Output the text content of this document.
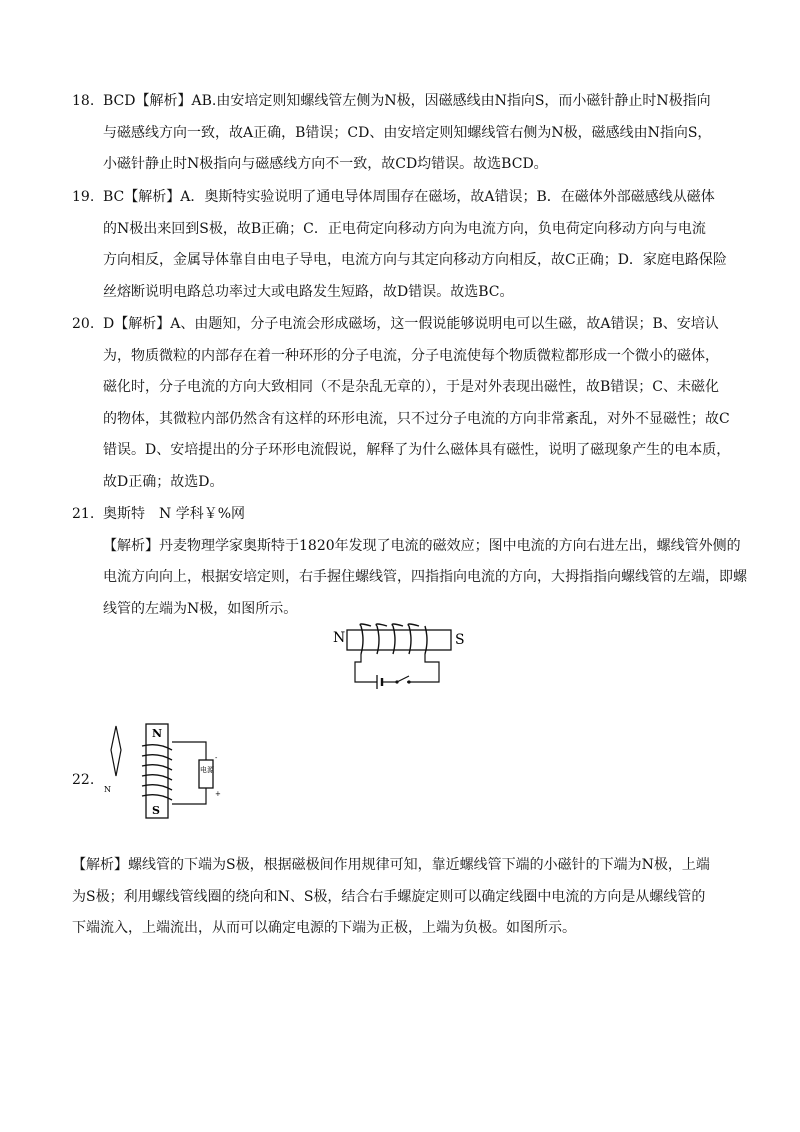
18. BCD【解析】AB.由安培定则知螺线管左侧为N极，因磁感线由N指向S，而小磁针静止时N极指向
与磁感线方向一致，故A正确，B错误；CD、由安培定则知螺线管右侧为N极，磁感线由N指向S，
小磁针静止时N极指向与磁感线方向不一致，故CD均错误。故选BCD。
19. BC【解析】A．奥斯特实验说明了通电导体周围存在磁场，故A错误；B．在磁体外部磁感线从磁体
的N极出来回到S极，故B正确；C．正电荷定向移动方向为电流方向，负电荷定向移动方向与电流
方向相反，金属导体靠自由电子导电，电流方向与其定向移动方向相反，故C正确；D．家庭电路保险
丝熔断说明电路总功率过大或电路发生短路，故D错误。故选BC。
20. D【解析】A、由题知，分子电流会形成磁场，这一假说能够说明电可以生磁，故A错误；B、安培认
为，物质微粒的内部存在着一种环形的分子电流，分子电流使每个物质微粒都形成一个微小的磁体，
磁化时，分子电流的方向大致相同（不是杂乱无章的），于是对外表现出磁性，故B错误；C、未磁化
的物体，其微粒内部仍然含有这样的环形电流，只不过分子电流的方向非常紊乱，对外不显磁性；故C
错误。D、安培提出的分子环形电流假说，解释了为什么磁体具有磁性，说明了磁现象产生的电本质，
故D正确；故选D。
21. 奥斯特　N 学科￥%网
【解析】丹麦物理学家奥斯特于1820年发现了电流的磁效应；图中电流的方向右进左出，螺线管外侧的
电流方向向上，根据安培定则，右手握住螺线管，四指指向电流的方向，大拇指指向螺线管的左端，即螺
线管的左端为N极，如图所示。
N	S
22.
N
N
S
电源
+
-
【解析】螺线管的下端为S极，根据磁极间作用规律可知，靠近螺线管下端的小磁针的下端为N极，上端
为S极；利用螺线管线圈的绕向和N、S极，结合右手螺旋定则可以确定线圈中电流的方向是从螺线管的
下端流入，上端流出，从而可以确定电源的下端为正极，上端为负极。如图所示。
